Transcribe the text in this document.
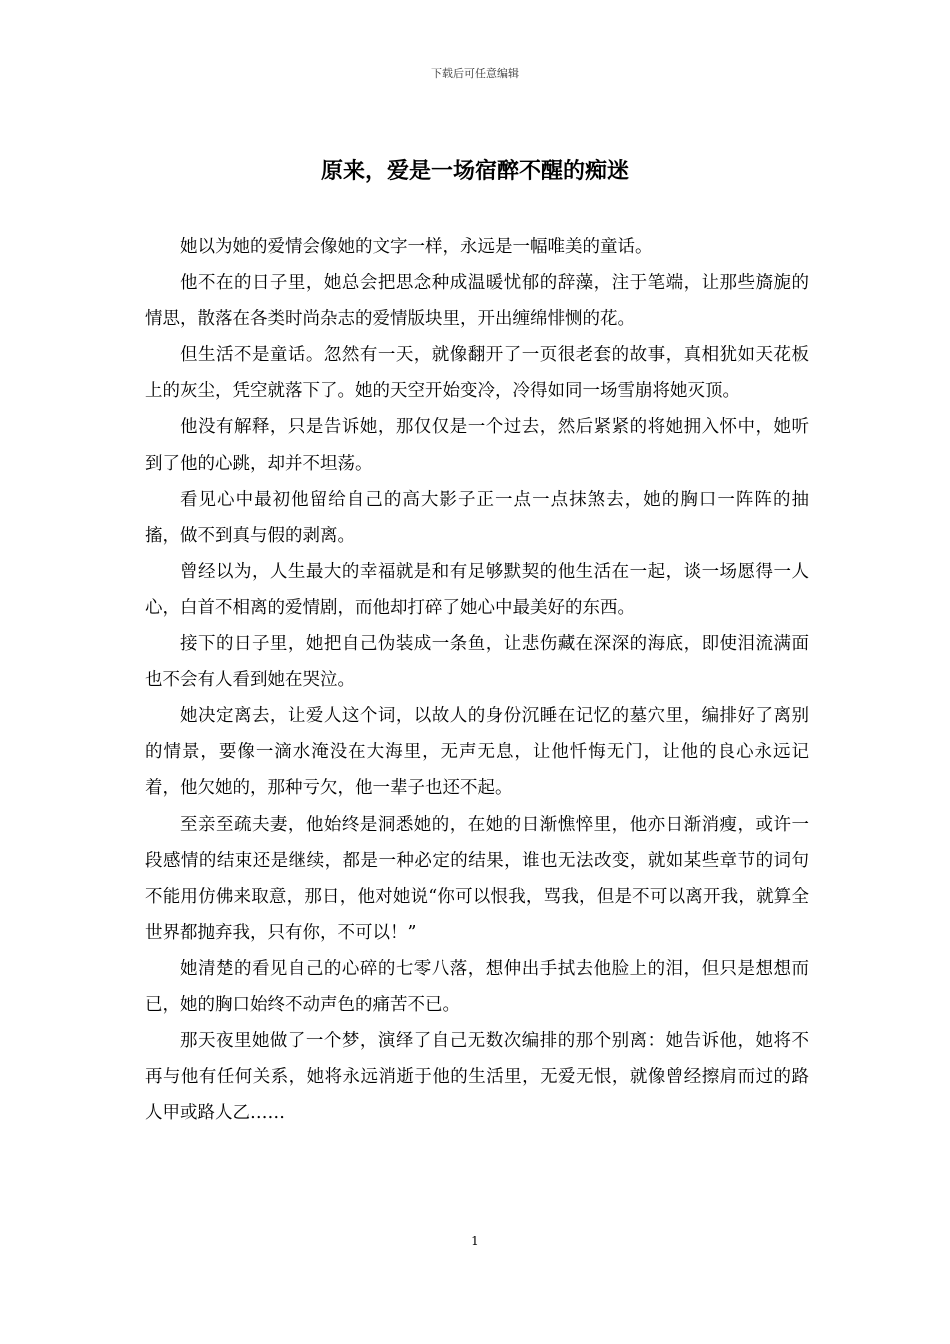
下载后可任意编辑
原来，爱是一场宿醉不醒的痴迷

她以为她的爱情会像她的文字一样，永远是一幅唯美的童话。

他不在的日子里，她总会把思念种成温暖忧郁的辞藻，注于笔端，让那些旖旎的情思，散落在各类时尚杂志的爱情版块里，开出缠绵悱恻的花。

但生活不是童话。忽然有一天，就像翻开了一页很老套的故事，真相犹如天花板上的灰尘，凭空就落下了。她的天空开始变冷，冷得如同一场雪崩将她灭顶。

他没有解释，只是告诉她，那仅仅是一个过去，然后紧紧的将她拥入怀中，她听到了他的心跳，却并不坦荡。

看见心中最初他留给自己的高大影子正一点一点抹煞去，她的胸口一阵阵的抽搐，做不到真与假的剥离。

曾经以为，人生最大的幸福就是和有足够默契的他生活在一起，谈一场愿得一人心，白首不相离的爱情剧，而他却打碎了她心中最美好的东西。

接下的日子里，她把自己伪装成一条鱼，让悲伤藏在深深的海底，即使泪流满面也不会有人看到她在哭泣。

她决定离去，让爱人这个词，以故人的身份沉睡在记忆的墓穴里，编排好了离别的情景，要像一滴水淹没在大海里，无声无息，让他忏悔无门，让他的良心永远记着，他欠她的，那种亏欠，他一辈子也还不起。

至亲至疏夫妻，他始终是洞悉她的，在她的日渐憔悴里，他亦日渐消瘦，或许一段感情的结束还是继续，都是一种必定的结果，谁也无法改变，就如某些章节的词句不能用仿佛来取意，那日，他对她说“你可以恨我，骂我，但是不可以离开我，就算全世界都抛弃我，只有你，不可以！”

她清楚的看见自己的心碎的七零八落，想伸出手拭去他脸上的泪，但只是想想而已，她的胸口始终不动声色的痛苦不已。

那天夜里她做了一个梦，演绎了自己无数次编排的那个别离：她告诉他，她将不再与他有任何关系，她将永远消逝于他的生活里，无爱无恨，就像曾经擦肩而过的路人甲或路人乙……

1
